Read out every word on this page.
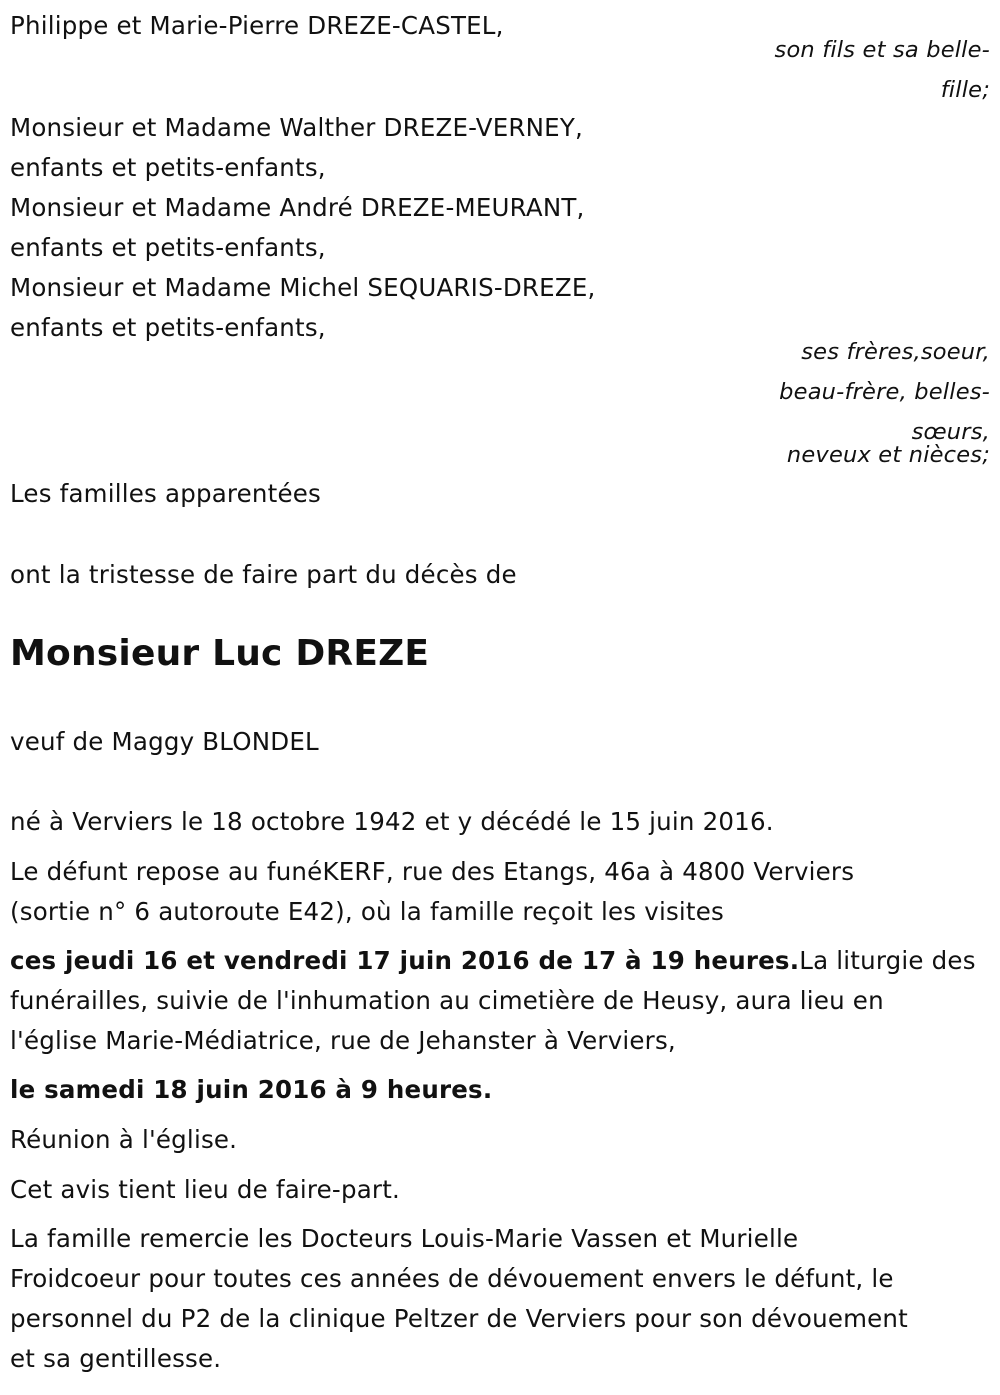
Philippe et Marie-Pierre DREZE-CASTEL,
son fils et sa belle-
fille;
Monsieur et Madame Walther DREZE-VERNEY,
enfants et petits-enfants,
Monsieur et Madame André DREZE-MEURANT,
enfants et petits-enfants,
Monsieur et Madame Michel SEQUARIS-DREZE,
enfants et petits-enfants,
ses frères,soeur,
beau-frère, belles-
sœurs,
neveux et nièces;
Les familles apparentées
ont la tristesse de faire part du décès de
Monsieur Luc DREZE
veuf de Maggy BLONDEL
né à Verviers le 18 octobre 1942 et y décédé le 15 juin 2016.
Le défunt repose au funéKERF, rue des Etangs, 46a à 4800 Verviers
(sortie n° 6 autoroute E42), où la famille reçoit les visites
ces jeudi 16 et vendredi 17 juin 2016 de 17 à 19 heures.La liturgie des
funérailles, suivie de l'inhumation au cimetière de Heusy, aura lieu en
l'église Marie-Médiatrice, rue de Jehanster à Verviers,
le samedi 18 juin 2016 à 9 heures.
Réunion à l'église.
Cet avis tient lieu de faire-part.
La famille remercie les Docteurs Louis-Marie Vassen et Murielle
Froidcoeur pour toutes ces années de dévouement envers le défunt, le
personnel du P2 de la clinique Peltzer de Verviers pour son dévouement
et sa gentillesse.
